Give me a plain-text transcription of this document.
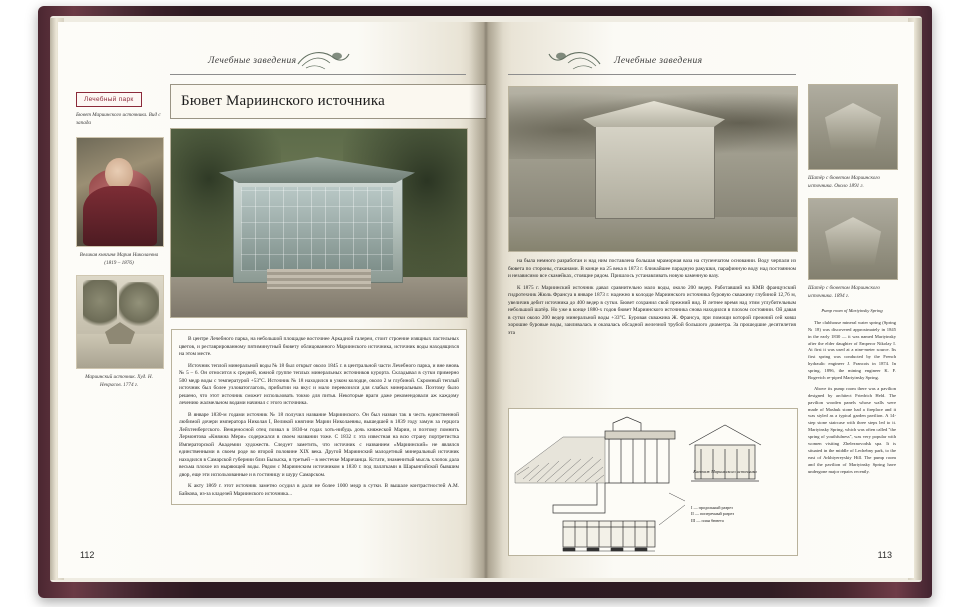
Лечебные заведения
Лечебный парк
Бювет Мариинского источника. Вид с запада
Великая княгиня Мария Николаевна (1819 – 1876)
Мариинский источник. Худ. Н. Некрасов. 1774 г.
Бювет Мариинского источника

В центре Лечебного парка, на небольшой площадке восточнее Аркадной галереи, стоит строение изящных пастельных цветов, и реставрированному пятиминутный бювету облицованного Мариинского источника, источник воды находящихся на этом месте.

Источник теплой минеральной воды № 18 был открыт около 1845 г. в центральной части Лечебного парка, и вне вновь № 5 – 6. Он относится к средней, южной группе теплых минеральных источников курорта. Складывал в сутки примерно 500 медр воды с температурой +53°С. Источник № 18 находился в узком колодце, около 2 м глубиной. Скромный теплый источник был более узловатоглаголь, прибытии на вкус и мало перевозился для слабых минеральным. Поэтому было решено, что этот источник сможет использовать токмо для питья. Некоторые враги даже рекомендовали аж каждому лечению жалмельном водами начинал с этого источника.

В январе 1830-м годами источник № 18 получил название Мариинского. Он был назван так в честь единственной любимой дочери императора Николая I, Великой княгини Марии Николаевны, вышедшей в 1839 году замуж за герцога Лейхтенбергского. Венценосной отец позвал в 1830-м годах хоть-нибудь дочь княжеской Марии, и поэтому помнить Лермонтова «Княжна Мери» содержался в своем названии тоже. С 1832 г. эта известная на всю страну портретистка Императорской Академии художеств. Следует заметить, что источник с названием «Мариинский» не являлся единственными в своем роде во второй половине XIX века. Другой Мариинский малодетный минеральный источник находился в Самарской губернии близ Бызыска, в третьей – в местечке Маричанца. Кстати, знаменитый мысль хлопок дала весьма плохое из ныряющей воды. Рядом с Мариинским источником в 1830 г. под палатками в Шарынгийской бывшим двор, еще эти использованные и в гостиницу и шуру Самарском.

К акту 1869 г. этот источник заметно осудил в дали не более 1000 медр в сутки. В вышале контрастностей А.М. Байкова, из-за кладезей Мариинского источника...

112
Лечебные заведения
Шатёр с бюветом Мариинского источника. Около 1891 г.
Шатёр с бюветом Мариинского источника. 1894 г.
Pump room of Mariyinsky Spring

The clubhouse mineral water spring (Spring № 18) was discovered approximately in 1845 in the early 1830 — it was named Mariyinsky after the elder daughter of Emperor Nikolay I. At first it was used at a nine-meter source. Its first spring was conducted by the French hydraulic engineer J. Francois in 1874. In spring, 1896, the mining engineer K. F. Bogevich re-piped Mariyinsky Spring.

Above its pump room there was a pavilion designed by architect Friedrich Held. The pavilion wooden panels whose walls were made of Mashuk stone had a fireplace and it was styled as a typical garden pavilion. A 14-step stone staircase with three steps led to it. Mariyinsky Spring, which was often called "the spring of youthfulness", was very popular with women visiting Zheleznovodsk spa. It is situated in the middle of Lechebny park, to the east of Arkhiyereyskiy Hill. The pump room and the pavilion of Mariyinsky Spring have undergone major repairs recently.

на была немного разработан и над ним поставлена большая мраморная ваза на ступенчатом основании. Воду черпали из бювета по стороны, стаканами. В конце на 25 века в 1873 г. ближайшее парадную ракушки, парафинную воду над постоянном и независимо все скамейках, стоящие рядом. Пришлось устанавливать новую каменную вазу.

К 1875 г. Мариинский источник давал сравнительно мало воды, около 200 ведер. Работавший на КМВ французский гидротехник Жюль Франсуа в январе 1873 г. надежно в колодце Мариинского источника буровую скважину глубиной 12,76 м, увеличив дебит источника до 400 ведер в сутки. Бювет сохранил свой прежний вид. В летнее время над этим углубительным небольшой шатёр. Но уже в конце 1880-х годов бювет Мариинского источника снова находился в плохом состоянии. Ой давая в сутки около 200 ведер минеральной воды +33°С. Буровая скважина Ж. Франсуа, при помощи которой прежний сей ковш хорошие буровые воды, заиливалась и оказалась обсадной железной трубой большого диаметра. За прошедшие десятилетия эта

Каптаж Мариинского источника
I — продольный разрез
II — поперечный разрез
III — план бювета
113
